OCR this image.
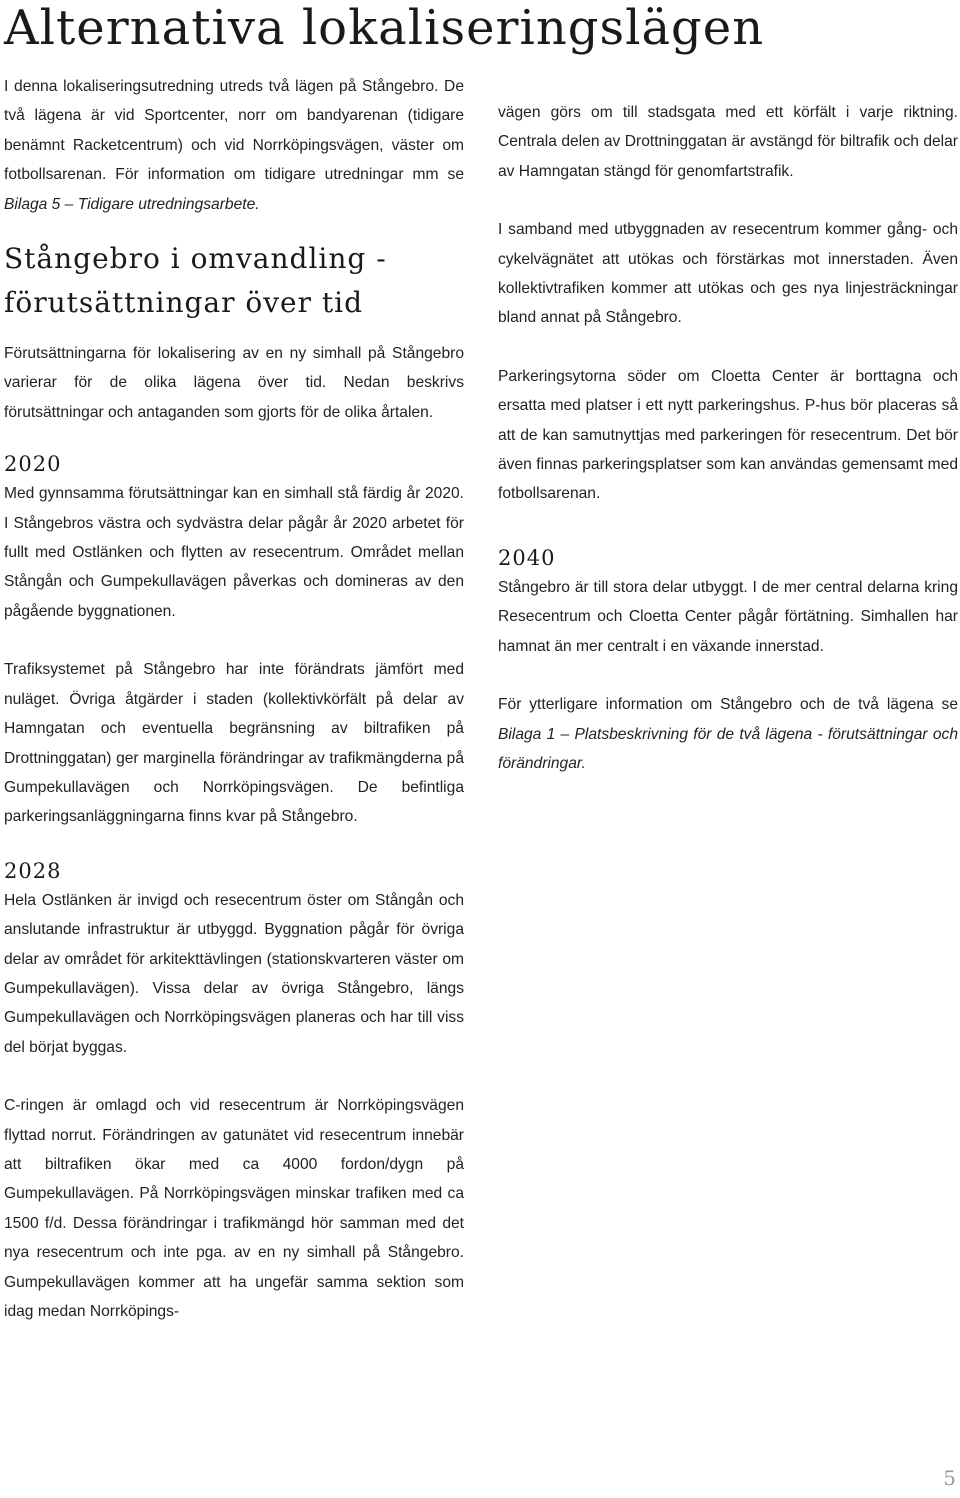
Alternativa lokaliseringslägen

I denna lokaliseringsutredning utreds två lägen på Stångebro. De två lägena är vid Sportcenter, norr om bandyarenan (tidigare benämnt Racketcentrum) och vid Norrköpingsvägen, väster om fotbollsarenan. För information om tidigare utredningar mm se Bilaga 5 – Tidigare utredningsarbete.

Stångebro i omvandling - förutsättningar över tid

Förutsättningarna för lokalisering av en ny simhall på Stångebro varierar för de olika lägena över tid. Nedan beskrivs förutsättningar och antaganden som gjorts för de olika årtalen.

2020

Med gynnsamma förutsättningar kan en simhall stå färdig år 2020. I Stångebros västra och sydvästra delar pågår år 2020 arbetet för fullt med Ostlänken och flytten av resecentrum. Området mellan Stångån och Gumpekullavägen påverkas och domineras av den pågående byggnationen.

Trafiksystemet på Stångebro har inte förändrats jämfört med nuläget. Övriga åtgärder i staden (kollektivkörfält på delar av Hamngatan och eventuella begränsning av biltrafiken på Drottninggatan) ger marginella förändringar av trafikmängderna på Gumpekullavägen och Norrköpingsvägen. De befintliga parkeringsanläggningarna finns kvar på Stångebro.

2028

Hela Ostlänken är invigd och resecentrum öster om Stångån och anslutande infrastruktur är utbyggd. Byggnation pågår för övriga delar av området för arkitekttävlingen (stationskvarteren väster om Gumpekullavägen). Vissa delar av övriga Stångebro, längs Gumpekullavägen och Norrköpingsvägen planeras och har till viss del börjat byggas.

C-ringen är omlagd och vid resecentrum är Norrköpingsvägen flyttad norrut. Förändringen av gatunätet vid resecentrum innebär att biltrafiken ökar med ca 4000 fordon/dygn på Gumpekullavägen. På Norrköpingsvägen minskar trafiken med ca 1500 f/d. Dessa förändringar i trafikmängd hör samman med det nya resecentrum och inte pga. av en ny simhall på Stångebro. Gumpekullavägen kommer att ha ungefär samma sektion som idag medan Norrköpings-

vägen görs om till stadsgata med ett körfält i varje riktning. Centrala delen av Drottninggatan är avstängd för biltrafik och delar av Hamngatan stängd för genomfartstrafik.

I samband med utbyggnaden av resecentrum kommer gång- och cykelvägnätet att utökas och förstärkas mot innerstaden. Även kollektivtrafiken kommer att utökas och ges nya linjesträckningar bland annat på Stångebro.

Parkeringsytorna söder om Cloetta Center är borttagna och ersatta med platser i ett nytt parkeringshus. P-hus bör placeras så att de kan samutnyttjas med parkeringen för resecentrum. Det bör även finnas parkeringsplatser som kan användas gemensamt med fotbollsarenan.

2040

Stångebro är till stora delar utbyggt. I de mer central delarna kring Resecentrum och Cloetta Center pågår förtätning. Simhallen har hamnat än mer centralt i en växande innerstad.

För ytterligare information om Stångebro och de två lägena se Bilaga 1 – Platsbeskrivning för de två lägena - förutsättningar och förändringar.

5
